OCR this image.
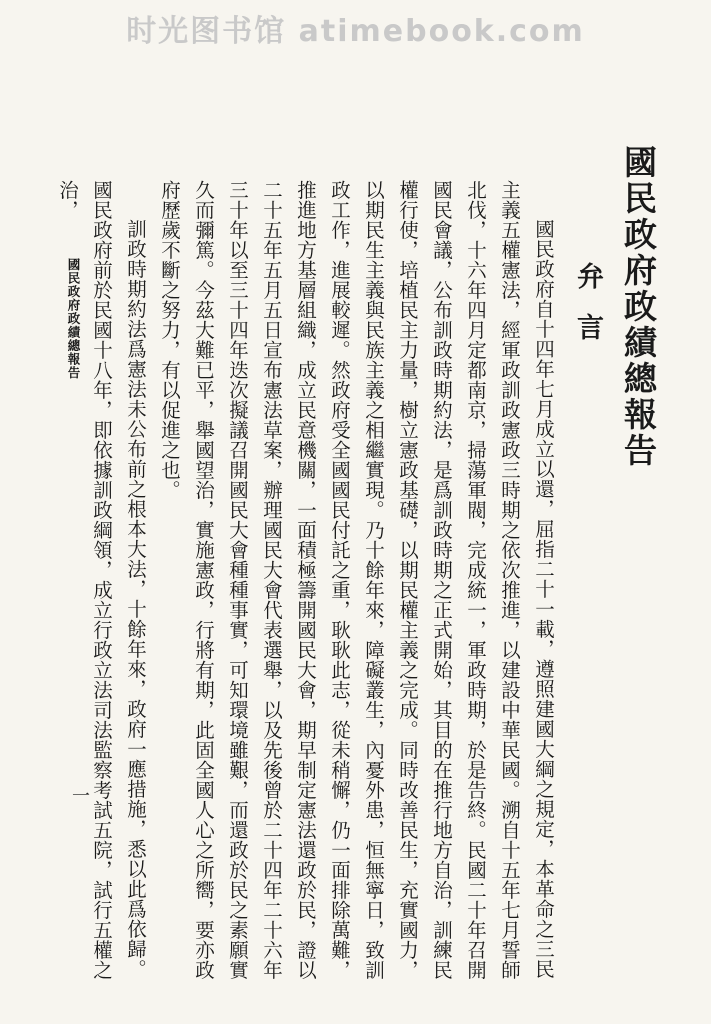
时光图书馆 atimebook.com
國民政府政績總報告
弁言

國民政府自十四年七月成立以還，屈指二十一載，遵照建國大綱之規定，本革命之三民主義五權憲法，經軍政訓政憲政三時期之依次推進，以建設中華民國。溯自十五年七月誓師北伐，十六年四月定都南京，掃蕩軍閥，完成統一，軍政時期，於是告終。民國二十年召開國民會議，公布訓政時期約法，是爲訓政時期之正式開始，其目的在推行地方自治，訓練民權行使，培植民主力量，樹立憲政基礎，以期民權主義之完成。同時改善民生，充實國力，以期民生主義與民族主義之相繼實現。乃十餘年來，障礙叢生，內憂外患，恒無寧日，致訓政工作，進展較遲。然政府受全國國民付託之重，耿耿此志，從未稍懈，仍一面排除萬難，推進地方基層組織，成立民意機關，一面積極籌開國民大會，期早制定憲法還政於民，證以二十五年五月五日宣布憲法草案，辦理國民大會代表選舉，以及先後曾於二十四年二十六年三十年以至三十四年迭次擬議召開國民大會種種事實，可知環境雖艱，而還政於民之素願實久而彌篤。今茲大難已平，舉國望治，實施憲政，行將有期，此固全國人心之所嚮，要亦政府歷歲不斷之努力，有以促進之也。

訓政時期約法爲憲法未公布前之根本大法，十餘年來，政府一應措施，悉以此爲依歸。國民政府前於民國十八年，即依據訓政綱領，成立行政立法司法監察考試五院，試行五權之治，

國民政府政績總報告
一
